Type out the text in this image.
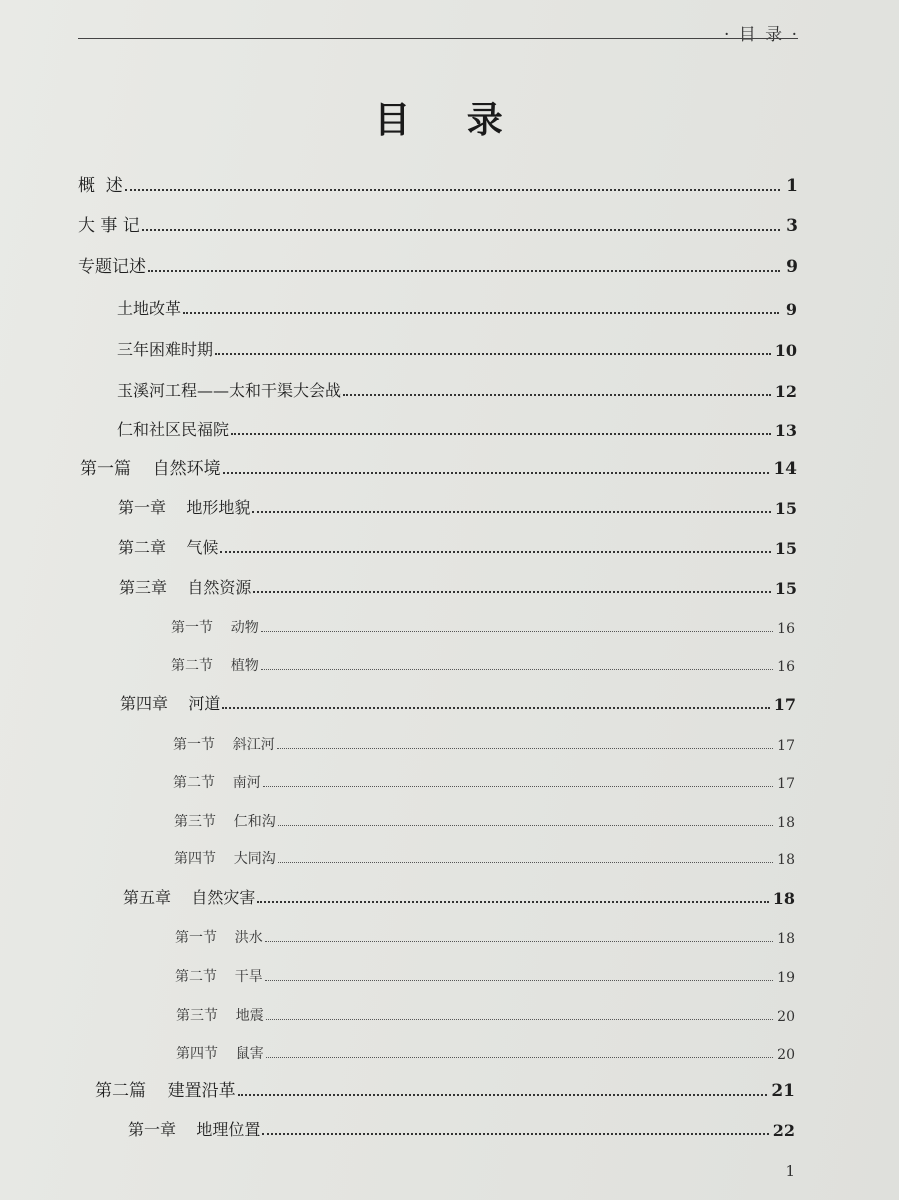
· 目 录 ·
目 录
概  述	1
大 事 记	3
专题记述	9
土地改革	9
三年困难时期	10
玉溪河工程——太和干渠大会战	12
仁和社区民福院	13
第一篇    自然环境	14
第一章    地形地貌	15
第二章    气候	15
第三章    自然资源	15
第一节    动物	16
第二节    植物	16
第四章    河道	17
第一节    斜江河	17
第二节    南河	17
第三节    仁和沟	18
第四节    大同沟	18
第五章    自然灾害	18
第一节    洪水	18
第二节    干旱	19
第三节    地震	20
第四节    鼠害	20
第二篇    建置沿革	21
第一章    地理位置	22
1
